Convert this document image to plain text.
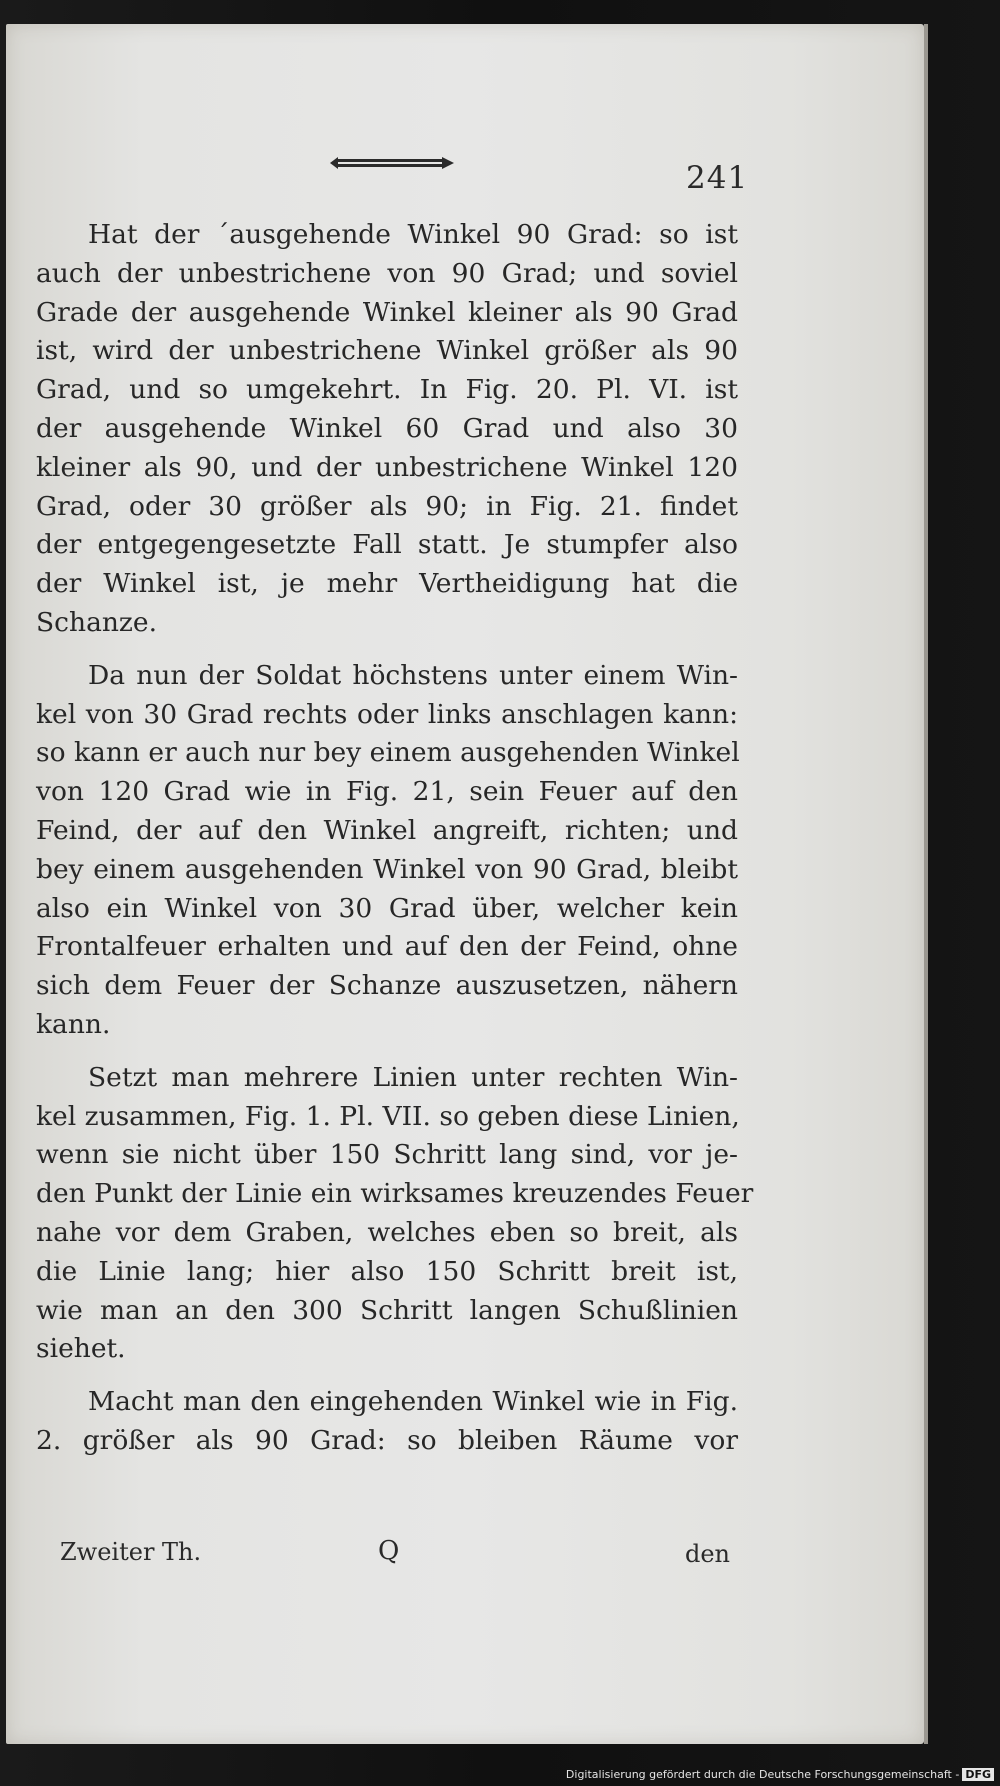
241

Hat der ´ausgehende Winkel 90 Grad: so ist
auch der unbestrichene von 90 Grad; und soviel
Grade der ausgehende Winkel kleiner als 90 Grad
ist, wird der unbestrichene Winkel größer als 90
Grad, und so umgekehrt. In Fig. 20. Pl. VI. ist
der ausgehende Winkel 60 Grad und also 30
kleiner als 90, und der unbestrichene Winkel 120
Grad, oder 30 größer als 90; in Fig. 21. findet
der entgegengesetzte Fall statt. Je stumpfer also
der Winkel ist, je mehr Vertheidigung hat die
Schanze.

Da nun der Soldat höchstens unter einem Win-
kel von 30 Grad rechts oder links anschlagen kann:
so kann er auch nur bey einem ausgehenden Winkel
von 120 Grad wie in Fig. 21, sein Feuer auf den
Feind, der auf den Winkel angreift, richten; und
bey einem ausgehenden Winkel von 90 Grad, bleibt
also ein Winkel von 30 Grad über, welcher kein
Frontalfeuer erhalten und auf den der Feind, ohne
sich dem Feuer der Schanze auszusetzen, nähern
kann.

Setzt man mehrere Linien unter rechten Win-
kel zusammen, Fig. 1. Pl. VII. so geben diese Linien,
wenn sie nicht über 150 Schritt lang sind, vor je-
den Punkt der Linie ein wirksames kreuzendes Feuer
nahe vor dem Graben, welches eben so breit, als
die Linie lang; hier also 150 Schritt breit ist,
wie man an den 300 Schritt langen Schußlinien
siehet.

Macht man den eingehenden Winkel wie in Fig.
2. größer als 90 Grad: so bleiben Räume vor

Zweiter Th.	Q	den
Digitalisierung gefördert durch die Deutsche Forschungsgemeinschaft - DFG
